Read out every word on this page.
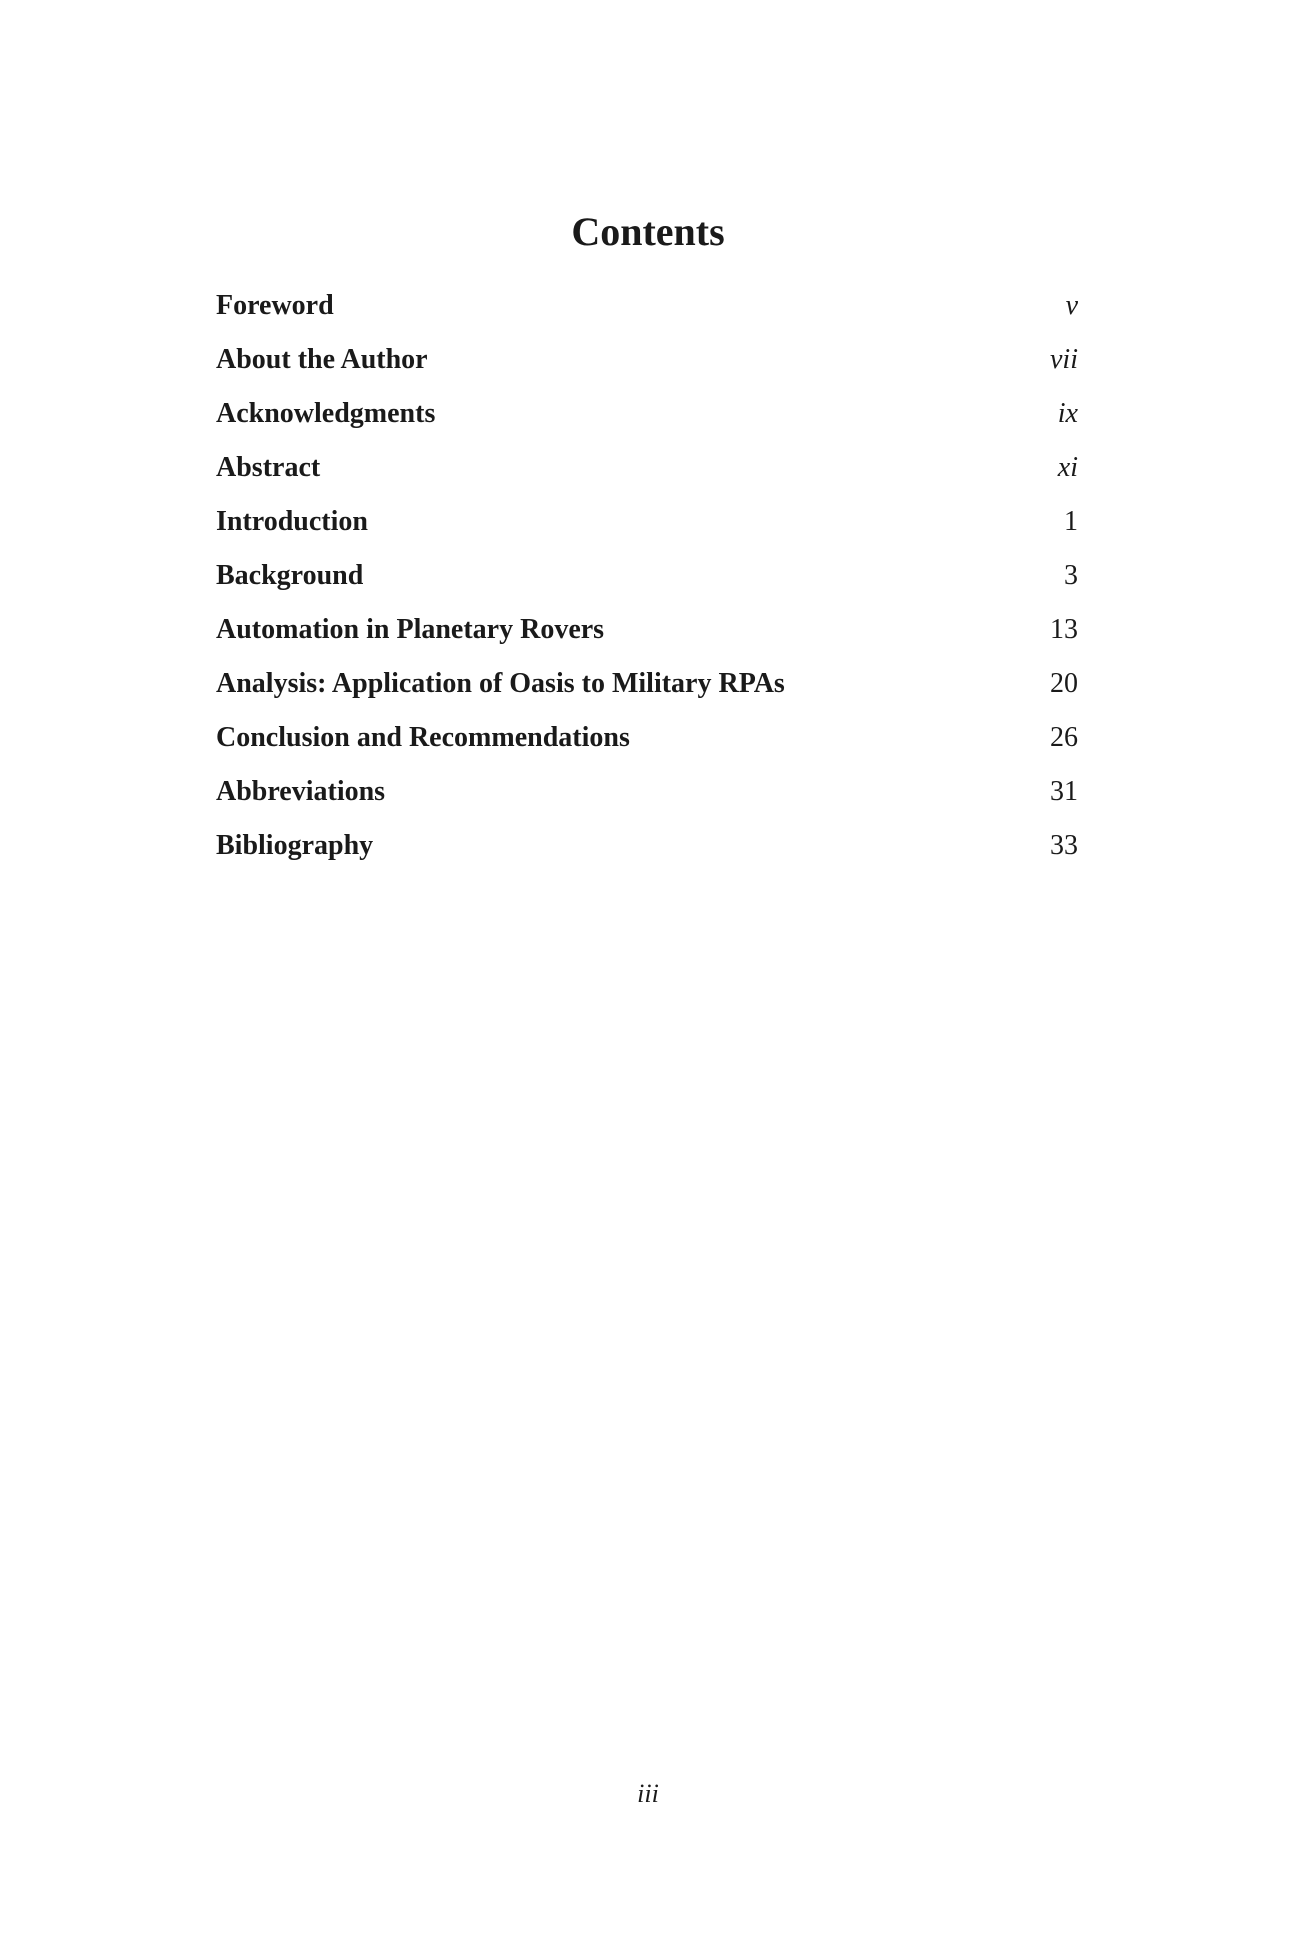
Contents
Foreword	v
About the Author	vii
Acknowledgments	ix
Abstract	xi
Introduction	1
Background	3
Automation in Planetary Rovers	13
Analysis: Application of Oasis to Military RPAs	20
Conclusion and Recommendations	26
Abbreviations	31
Bibliography	33
iii
